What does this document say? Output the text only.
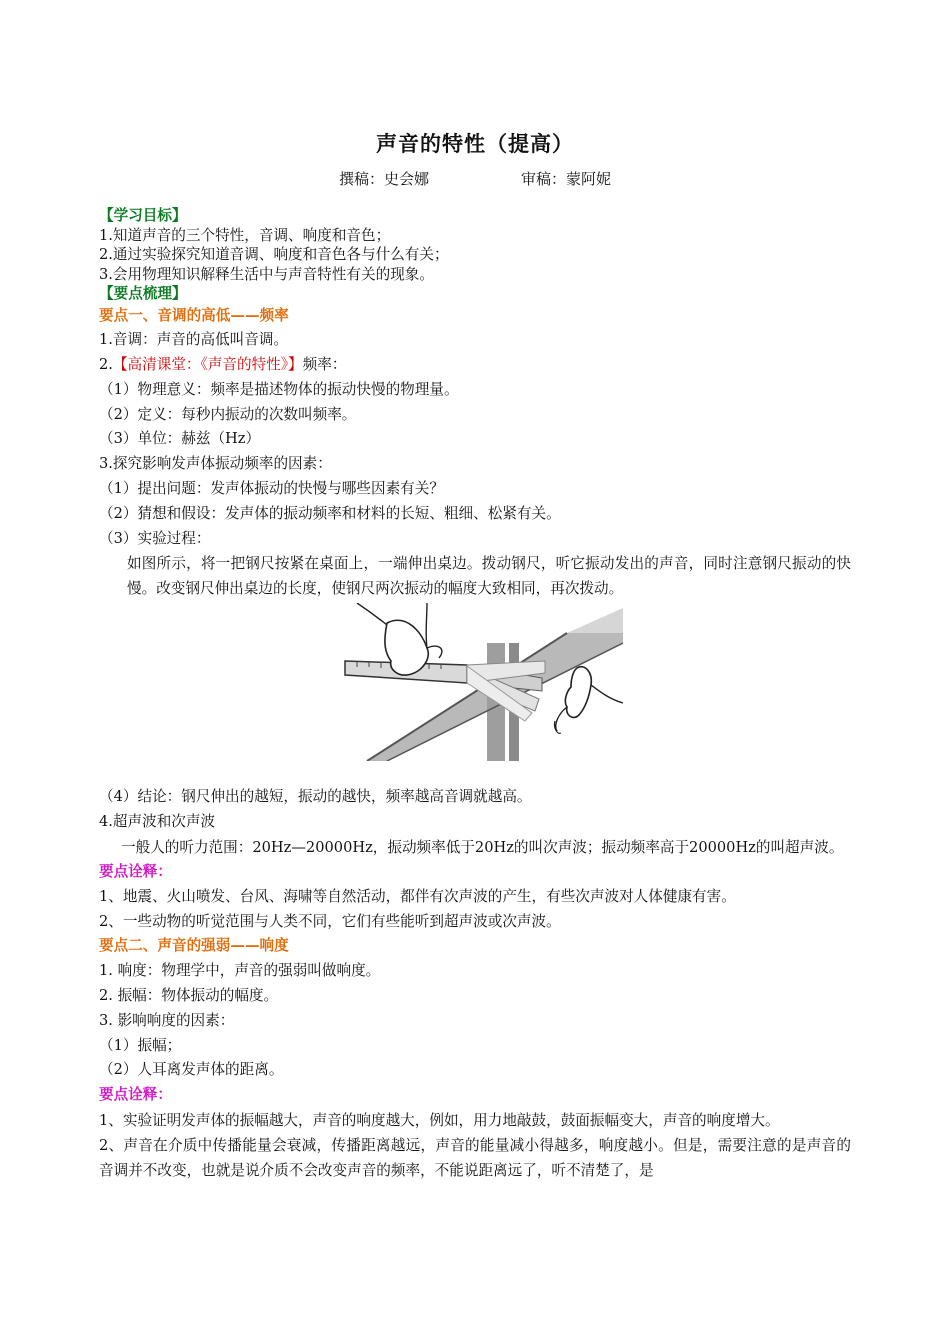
声音的特性（提高）
撰稿：史会娜	审稿：蒙阿妮
【学习目标】
1.知道声音的三个特性，音调、响度和音色；
2.通过实验探究知道音调、响度和音色各与什么有关；
3.会用物理知识解释生活中与声音特性有关的现象。
【要点梳理】
要点一、音调的高低——频率
1.音调：声音的高低叫音调。
2.【高清课堂：《声音的特性》】频率：
（1）物理意义：频率是描述物体的振动快慢的物理量。
（2）定义：每秒内振动的次数叫频率。
（3）单位：赫兹（Hz）
3.探究影响发声体振动频率的因素：
（1）提出问题：发声体振动的快慢与哪些因素有关？
（2）猜想和假设：发声体的振动频率和材料的长短、粗细、松紧有关。
（3）实验过程：
如图所示，将一把钢尺按紧在桌面上，一端伸出桌边。拨动钢尺，听它振动发出的声音，同时注意钢尺振动的快慢。改变钢尺伸出桌边的长度，使钢尺两次振动的幅度大致相同，再次拨动。
（4）结论：钢尺伸出的越短，振动的越快，频率越高音调就越高。
4.超声波和次声波
一般人的听力范围：20Hz—20000Hz，振动频率低于20Hz的叫次声波；振动频率高于20000Hz的叫超声波。
要点诠释：
1、地震、火山喷发、台风、海啸等自然活动，都伴有次声波的产生，有些次声波对人体健康有害。
2、一些动物的听觉范围与人类不同，它们有些能听到超声波或次声波。
要点二、声音的强弱——响度
1. 响度：物理学中，声音的强弱叫做响度。
2. 振幅：物体振动的幅度。
3. 影响响度的因素：
（1）振幅；
（2）人耳离发声体的距离。
要点诠释：
1、实验证明发声体的振幅越大，声音的响度越大，例如，用力地敲鼓，鼓面振幅变大，声音的响度增大。
2、声音在介质中传播能量会衰减，传播距离越远，声音的能量减小得越多，响度越小。但是，需要注意的是声音的音调并不改变，也就是说介质不会改变声音的频率，不能说距离远了，听不清楚了，是
